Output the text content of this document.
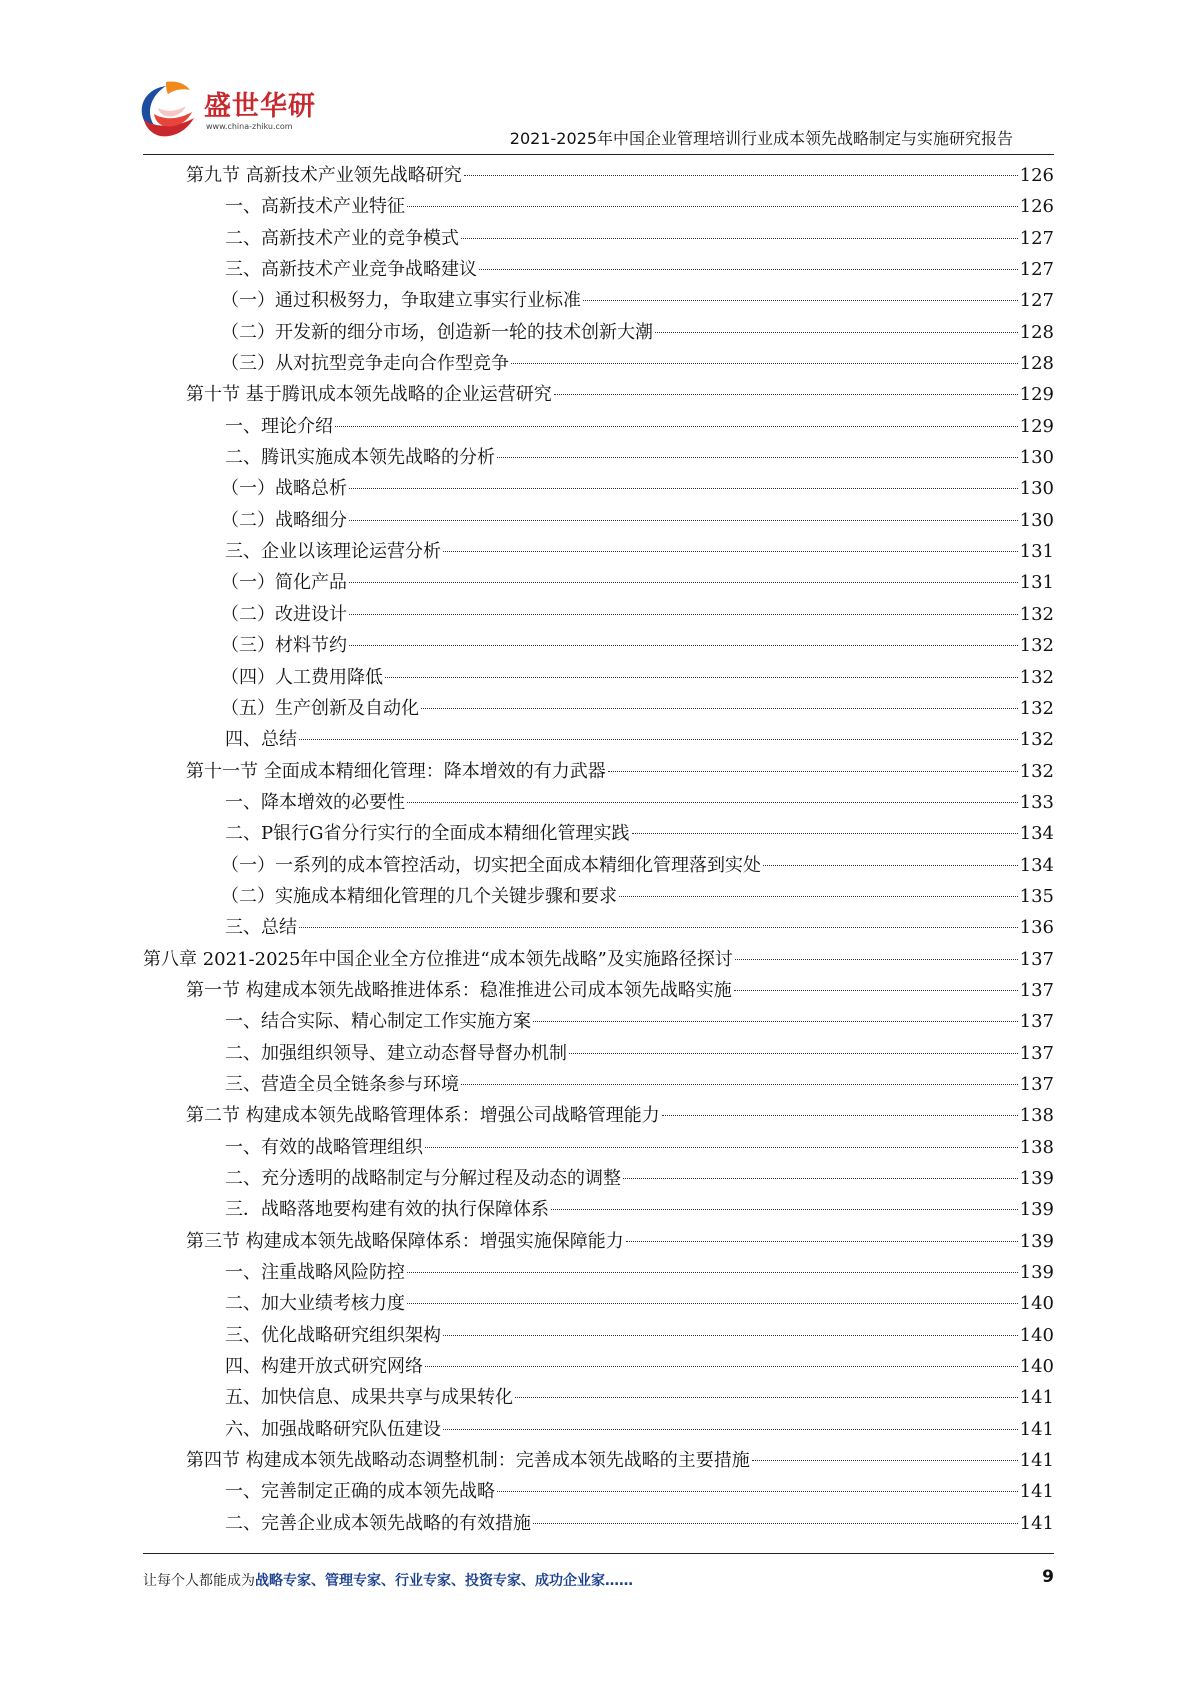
盛世华研
www.china-zhiku.com
2021-2025年中国企业管理培训行业成本领先战略制定与实施研究报告
第九节 高新技术产业领先战略研究	126
一、高新技术产业特征	126
二、高新技术产业的竞争模式	127
三、高新技术产业竞争战略建议	127
（一）通过积极努力，争取建立事实行业标准	127
（二）开发新的细分市场，创造新一轮的技术创新大潮	128
（三）从对抗型竞争走向合作型竞争	128
第十节 基于腾讯成本领先战略的企业运营研究	129
一、理论介绍	129
二、腾讯实施成本领先战略的分析	130
（一）战略总析	130
（二）战略细分	130
三、企业以该理论运营分析	131
（一）简化产品	131
（二）改进设计	132
（三）材料节约	132
（四）人工费用降低	132
（五）生产创新及自动化	132
四、总结	132
第十一节 全面成本精细化管理：降本增效的有力武器	132
一、降本增效的必要性	133
二、P银行G省分行实行的全面成本精细化管理实践	134
（一）一系列的成本管控活动，切实把全面成本精细化管理落到实处	134
（二）实施成本精细化管理的几个关键步骤和要求	135
三、总结	136
第八章 2021-2025年中国企业全方位推进“成本领先战略”及实施路径探讨	137
第一节 构建成本领先战略推进体系：稳准推进公司成本领先战略实施	137
一、结合实际、精心制定工作实施方案	137
二、加强组织领导、建立动态督导督办机制	137
三、营造全员全链条参与环境	137
第二节 构建成本领先战略管理体系：增强公司战略管理能力	138
一、有效的战略管理组织	138
二、充分透明的战略制定与分解过程及动态的调整	139
三．战略落地要构建有效的执行保障体系	139
第三节 构建成本领先战略保障体系：增强实施保障能力	139
一、注重战略风险防控	139
二、加大业绩考核力度	140
三、优化战略研究组织架构	140
四、构建开放式研究网络	140
五、加快信息、成果共享与成果转化	141
六、加强战略研究队伍建设	141
第四节 构建成本领先战略动态调整机制：完善成本领先战略的主要措施	141
一、完善制定正确的成本领先战略	141
二、完善企业成本领先战略的有效措施	141
让每个人都能成为战略专家、管理专家、行业专家、投资专家、成功企业家……	9
